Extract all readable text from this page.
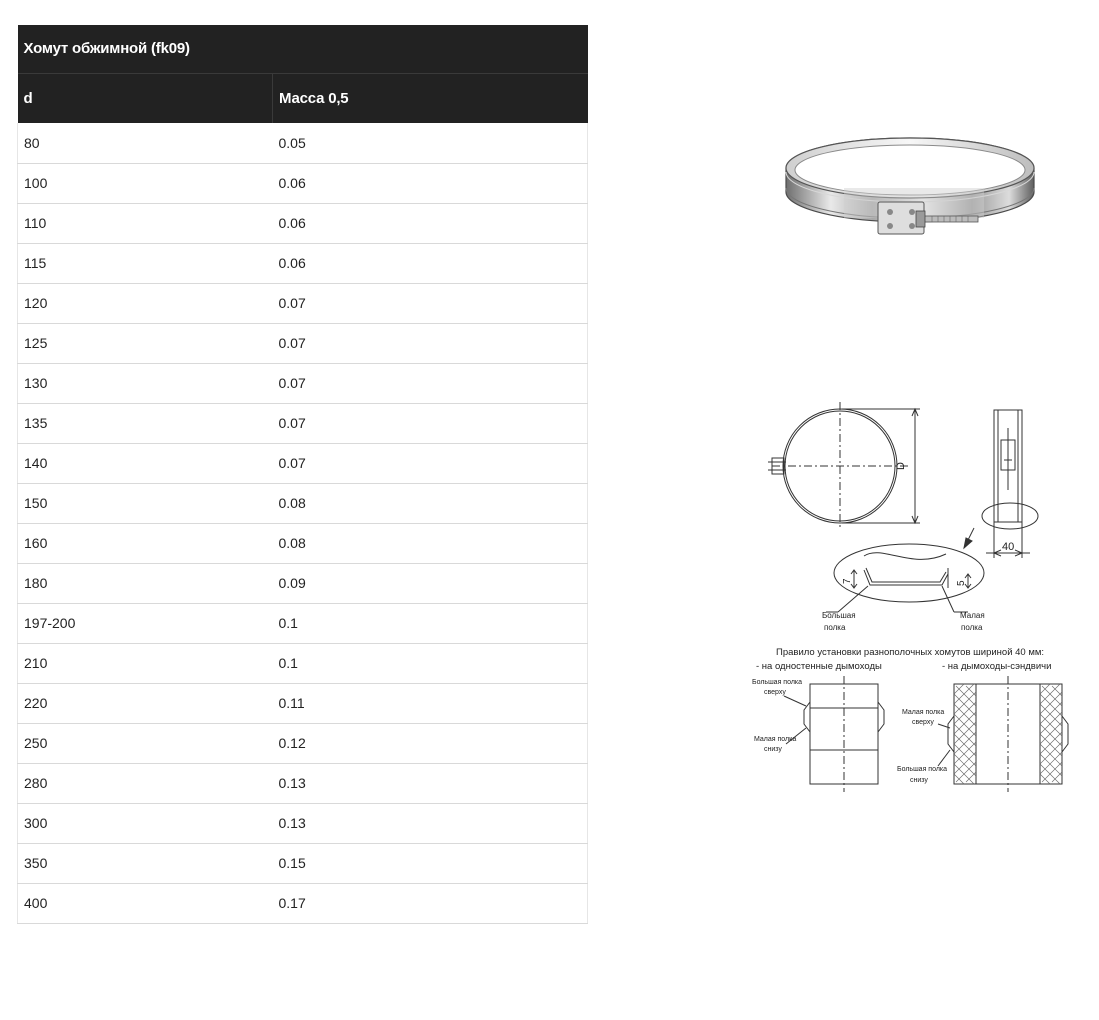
Хомут обжимной (fk09)	
d	Масса 0,5
80	0.05
100	0.06
110	0.06
115	0.06
120	0.07
125	0.07
130	0.07
135	0.07
140	0.07
150	0.08
160	0.08
180	0.09
197-200	0.1
210	0.1
220	0.11
250	0.12
280	0.13
300	0.13
350	0.15
400	0.17
D
40
7	5
Большая
полка
Малая
полка
Правило установки разнополочных хомутов шириной 40 мм:
- на одностенные дымоходы	- на дымоходы-сэндвичи
Большая полка
сверху
Малая полка
снизу
Малая полка
сверху
Большая полка
снизу
